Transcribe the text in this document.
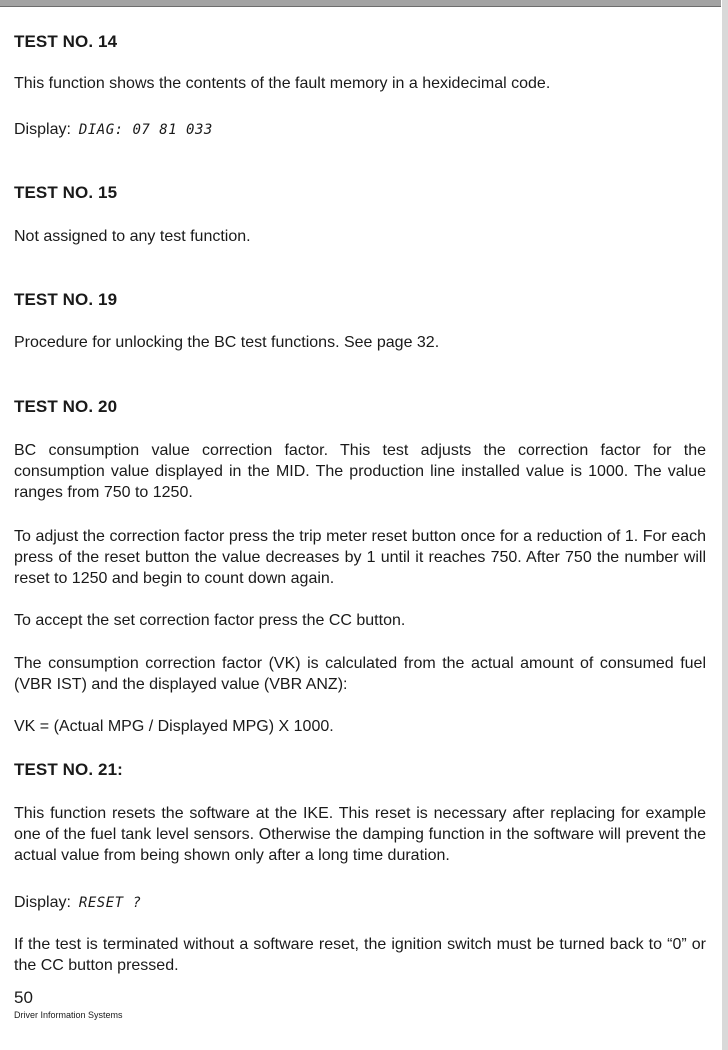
TEST NO. 14
This function shows the contents of the fault memory in a hexidecimal code.
Display: DIAG: 07 81 033
TEST NO. 15
Not assigned to any test function.
TEST NO. 19
Procedure for unlocking the BC test functions. See page 32.
TEST NO. 20
BC consumption value correction factor. This test adjusts the correction factor for the consumption value displayed in the MID. The production line installed value is 1000. The value ranges from 750 to 1250.
To adjust the correction factor press the trip meter reset button once for a reduction of 1. For each press of the reset button the value decreases by 1 until it reaches 750. After 750 the number will reset to 1250 and begin to count down again.
To accept the set correction factor press the CC button.
The consumption correction factor (VK) is calculated from the actual amount of consumed fuel (VBR IST) and the displayed value (VBR ANZ):
VK = (Actual MPG / Displayed MPG) X 1000.
TEST NO. 21:
This function resets the software at the IKE. This reset is necessary after replacing for example one of the fuel tank level sensors. Otherwise the damping function in the software will prevent the actual value from being shown only after a long time duration.
Display: RESET ?
If the test is terminated without a software reset, the ignition switch must be turned back to “0” or the CC button pressed.
50
Driver Information Systems
